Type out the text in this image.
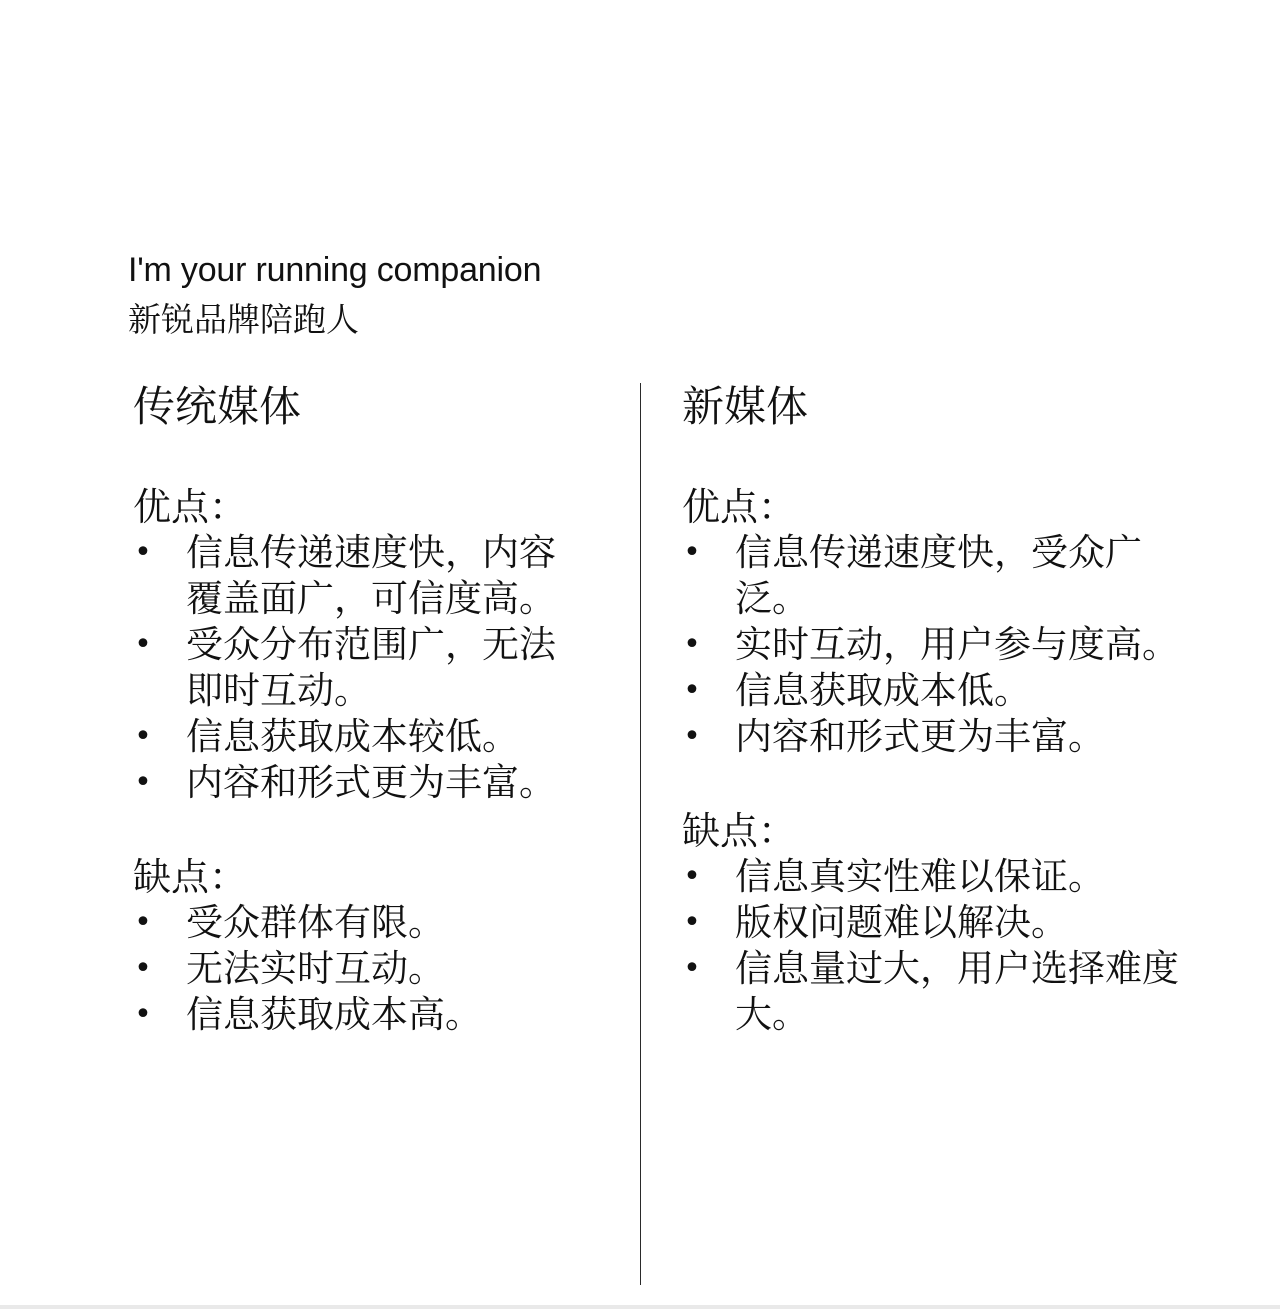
I'm your running companion
新锐品牌陪跑人
传统媒体
优点：
• 信息传递速度快，内容覆盖面广，可信度高。
• 受众分布范围广，无法即时互动。
• 信息获取成本较低。
• 内容和形式更为丰富。
缺点：
• 受众群体有限。
• 无法实时互动。
• 信息获取成本高。
新媒体
优点：
• 信息传递速度快，受众广泛。
• 实时互动，用户参与度高。
• 信息获取成本低。
• 内容和形式更为丰富。
缺点：
• 信息真实性难以保证。
• 版权问题难以解决。
• 信息量过大，用户选择难度大。
